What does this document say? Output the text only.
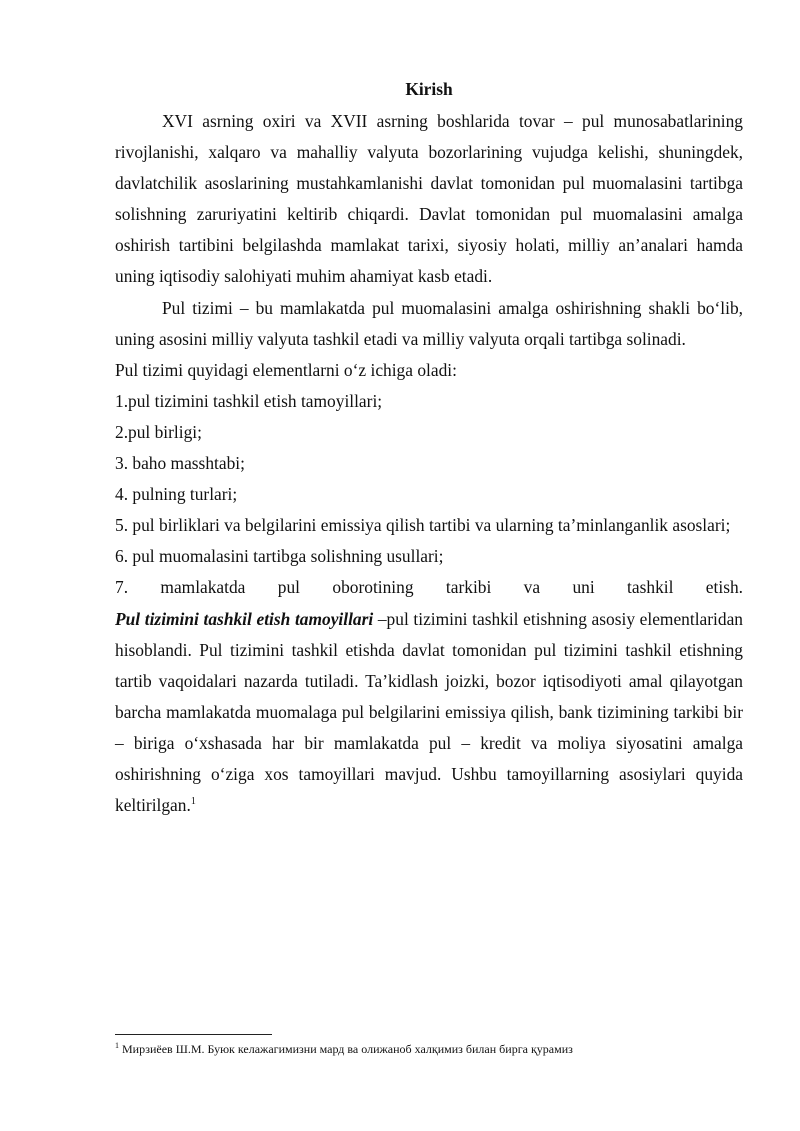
Kirish

XVI asrning oxiri va XVII asrning boshlarida tovar – pul munosabatlarining rivojlanishi, xalqaro va mahalliy valyuta bozorlarining vujudga kelishi, shuningdek, davlatchilik asoslarining mustahkamlanishi davlat tomonidan pul muomalasini tartibga solishning zaruriyatini keltirib chiqardi. Davlat tomonidan pul muomalasini amalga oshirish tartibini belgilashda mamlakat tarixi, siyosiy holati, milliy an’analari hamda uning iqtisodiy salohiyati muhim ahamiyat kasb etadi.

Pul tizimi – bu mamlakatda pul muomalasini amalga oshirishning shakli bo‘lib, uning asosini milliy valyuta tashkil etadi va milliy valyuta orqali tartibga solinadi.

Pul tizimi quyidagi elementlarni o‘z ichiga oladi:

1.pul tizimini tashkil etish tamoyillari;

2.pul birligi;

3. baho masshtabi;

4. pulning turlari;

5. pul birliklari va belgilarini emissiya qilish tartibi va ularning ta’minlanganlik asoslari;

6. pul muomalasini tartibga solishning usullari;

7. mamlakatda pul oborotining tarkibi va uni tashkil etish.

Pul tizimini tashkil etish tamoyillari –pul tizimini tashkil etishning asosiy elementlaridan hisoblandi. Pul tizimini tashkil etishda davlat tomonidan pul tizimini tashkil etishning tartib vaqoidalari nazarda tutiladi. Ta’kidlash joizki, bozor iqtisodiyoti amal qilayotgan barcha mamlakatda muomalaga pul belgilarini emissiya qilish, bank tizimining tarkibi bir – biriga o‘xshasada har bir mamlakatda pul – kredit va moliya siyosatini amalga oshirishning o‘ziga xos tamoyillari mavjud. Ushbu tamoyillarning asosiylari quyida keltirilgan.$^1$

$^1$ Мирзиёев Ш.М. Буюк келажагимизни мард ва олижаноб халқимиз билан бирга қурамиз
